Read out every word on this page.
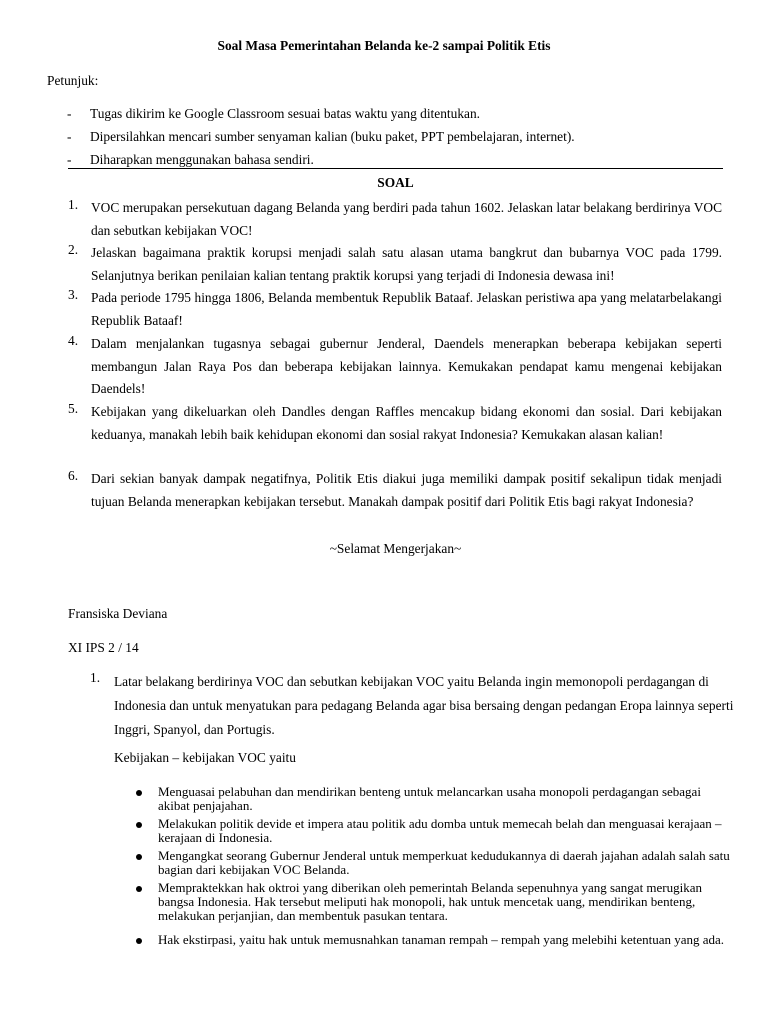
Soal Masa Pemerintahan Belanda ke-2 sampai Politik Etis
Petunjuk:
- Tugas dikirim ke Google Classroom sesuai batas waktu yang ditentukan.
- Dipersilahkan mencari sumber senyaman kalian (buku paket, PPT pembelajaran, internet).
- Diharapkan menggunakan bahasa sendiri.
SOAL
1. VOC merupakan persekutuan dagang Belanda yang berdiri pada tahun 1602. Jelaskan latar belakang berdirinya VOC dan sebutkan kebijakan VOC!
2. Jelaskan bagaimana praktik korupsi menjadi salah satu alasan utama bangkrut dan bubarnya VOC pada 1799. Selanjutnya berikan penilaian kalian tentang praktik korupsi yang terjadi di Indonesia dewasa ini!
3. Pada periode 1795 hingga 1806, Belanda membentuk Republik Bataaf. Jelaskan peristiwa apa yang melatarbelakangi Republik Bataaf!
4. Dalam menjalankan tugasnya sebagai gubernur Jenderal, Daendels menerapkan beberapa kebijakan seperti membangun Jalan Raya Pos dan beberapa kebijakan lainnya. Kemukakan pendapat kamu mengenai kebijakan Daendels!
5. Kebijakan yang dikeluarkan oleh Dandles dengan Raffles mencakup bidang ekonomi dan sosial. Dari kebijakan keduanya, manakah lebih baik kehidupan ekonomi dan sosial rakyat Indonesia? Kemukakan alasan kalian!
6. Dari sekian banyak dampak negatifnya, Politik Etis diakui juga memiliki dampak positif sekalipun tidak menjadi tujuan Belanda menerapkan kebijakan tersebut. Manakah dampak positif dari Politik Etis bagi rakyat Indonesia?
~Selamat Mengerjakan~
Fransiska Deviana
XI IPS 2 / 14
1. Latar belakang berdirinya VOC dan sebutkan kebijakan VOC yaitu Belanda ingin memonopoli perdagangan di Indonesia dan untuk menyatukan para pedagang Belanda agar bisa bersaing dengan pedangan Eropa lainnya seperti Inggri, Spanyol, dan Portugis.
Kebijakan – kebijakan VOC yaitu
Menguasai pelabuhan dan mendirikan benteng untuk melancarkan usaha monopoli perdagangan sebagai akibat penjajahan.
Melakukan politik devide et impera atau politik adu domba untuk memecah belah dan menguasai kerajaan – kerajaan di Indonesia.
Mengangkat seorang Gubernur Jenderal untuk memperkuat kedudukannya di daerah jajahan adalah salah satu bagian dari kebijakan VOC Belanda.
Mempraktekkan hak oktroi yang diberikan oleh pemerintah Belanda sepenuhnya yang sangat merugikan bangsa Indonesia. Hak tersebut meliputi hak monopoli, hak untuk mencetak uang, mendirikan benteng, melakukan perjanjian, dan membentuk pasukan tentara.
Hak ekstirpasi, yaitu hak untuk memusnahkan tanaman rempah – rempah yang melebihi ketentuan yang ada.
